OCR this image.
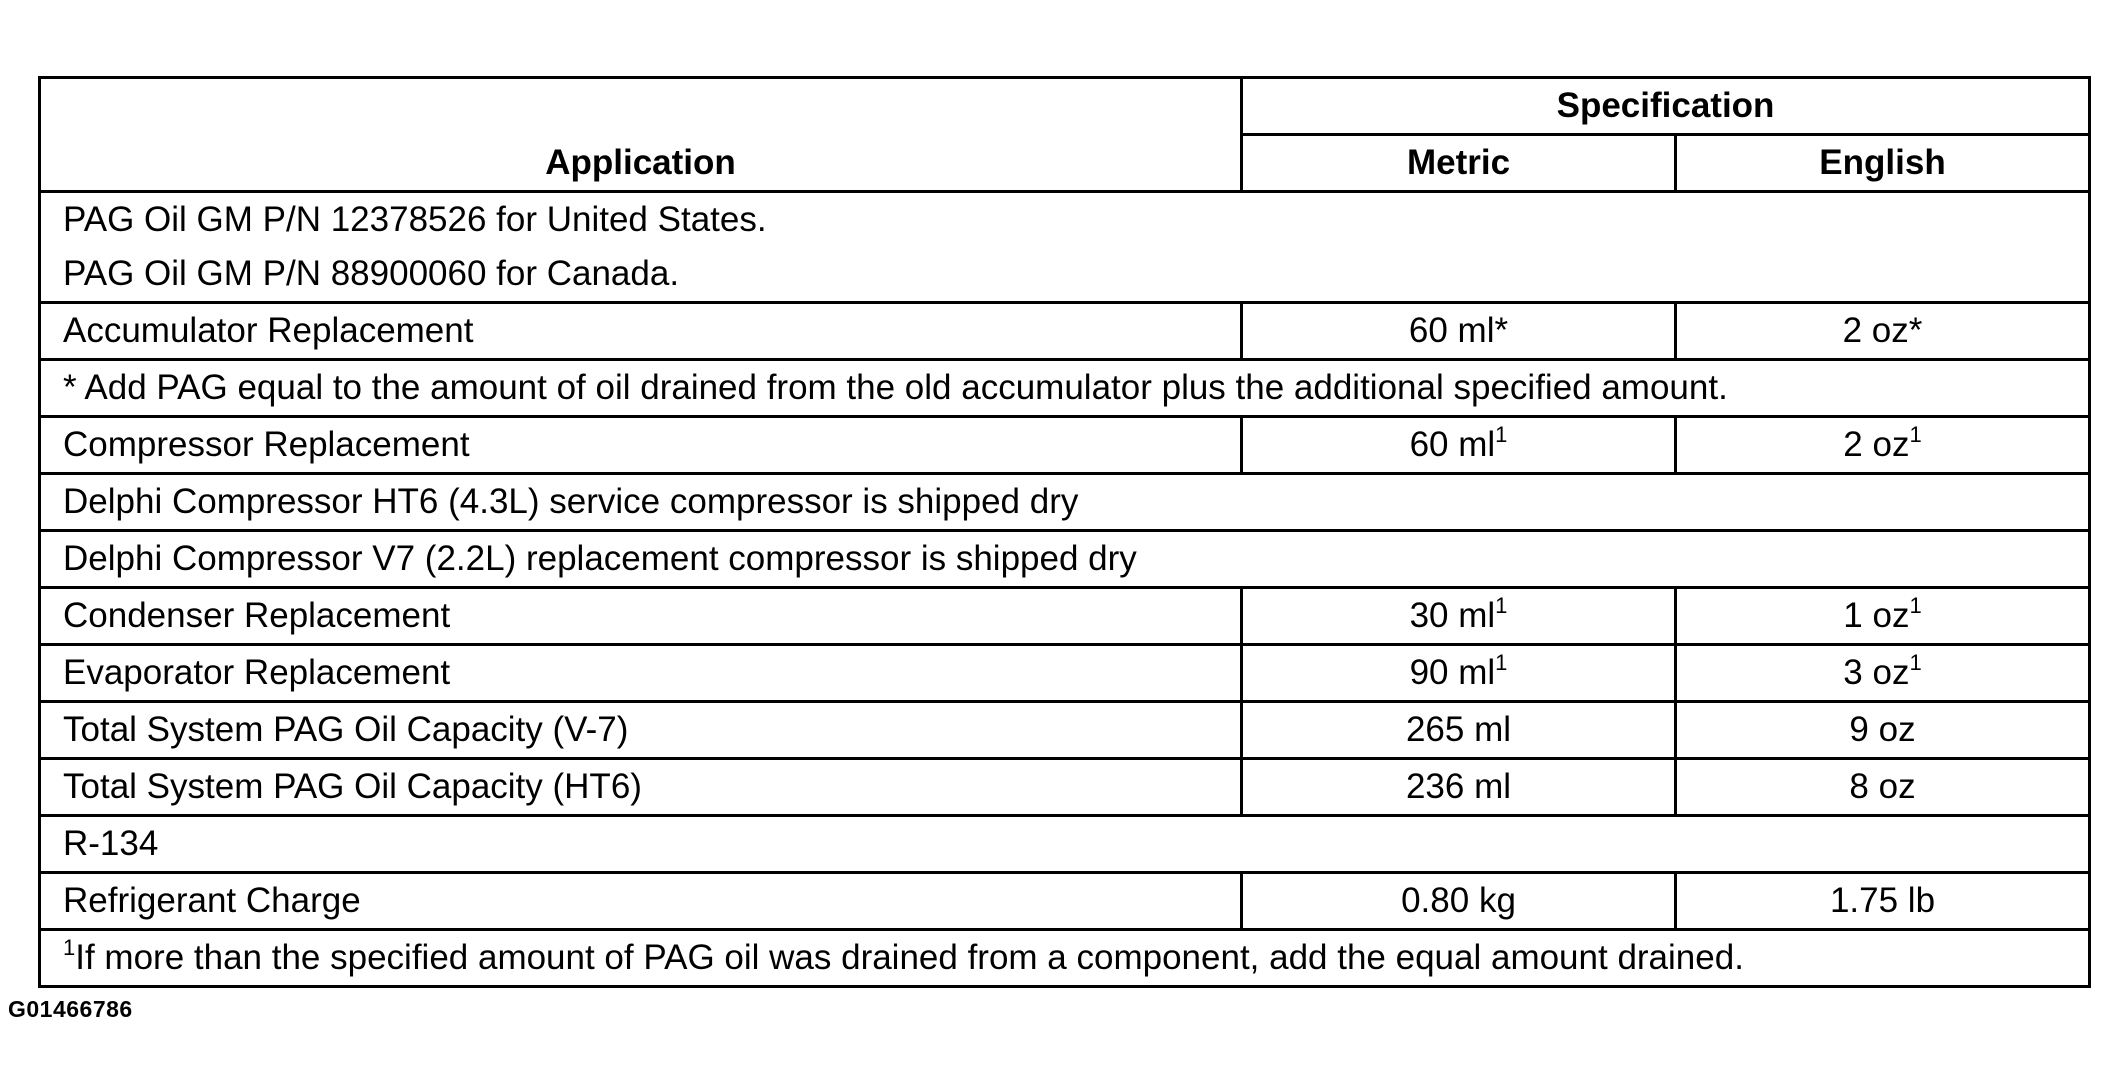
Application	Specification	
	Metric	English

PAG Oil GM P/N 12378526 for United States.
PAG Oil GM P/N 88900060 for Canada.		

Accumulator Replacement	60 ml*	2 oz*
* Add PAG equal to the amount of oil drained from the old accumulator plus the additional specified amount.		
Compressor Replacement	60 $ml^1$	2 $oz^1$
Delphi Compressor HT6 (4.3L) service compressor is shipped dry		
Delphi Compressor V7 (2.2L) replacement compressor is shipped dry		
Condenser Replacement	30 $ml^1$	1 $oz^1$
Evaporator Replacement	90 $ml^1$	3 $oz^1$
Total System PAG Oil Capacity (V-7)	265 ml	9 oz
Total System PAG Oil Capacity (HT6)	236 ml	8 oz
R-134		
Refrigerant Charge	0.80 kg	1.75 lb
$^1$If more than the specified amount of PAG oil was drained from a component, add the equal amount drained.		
G01466786
